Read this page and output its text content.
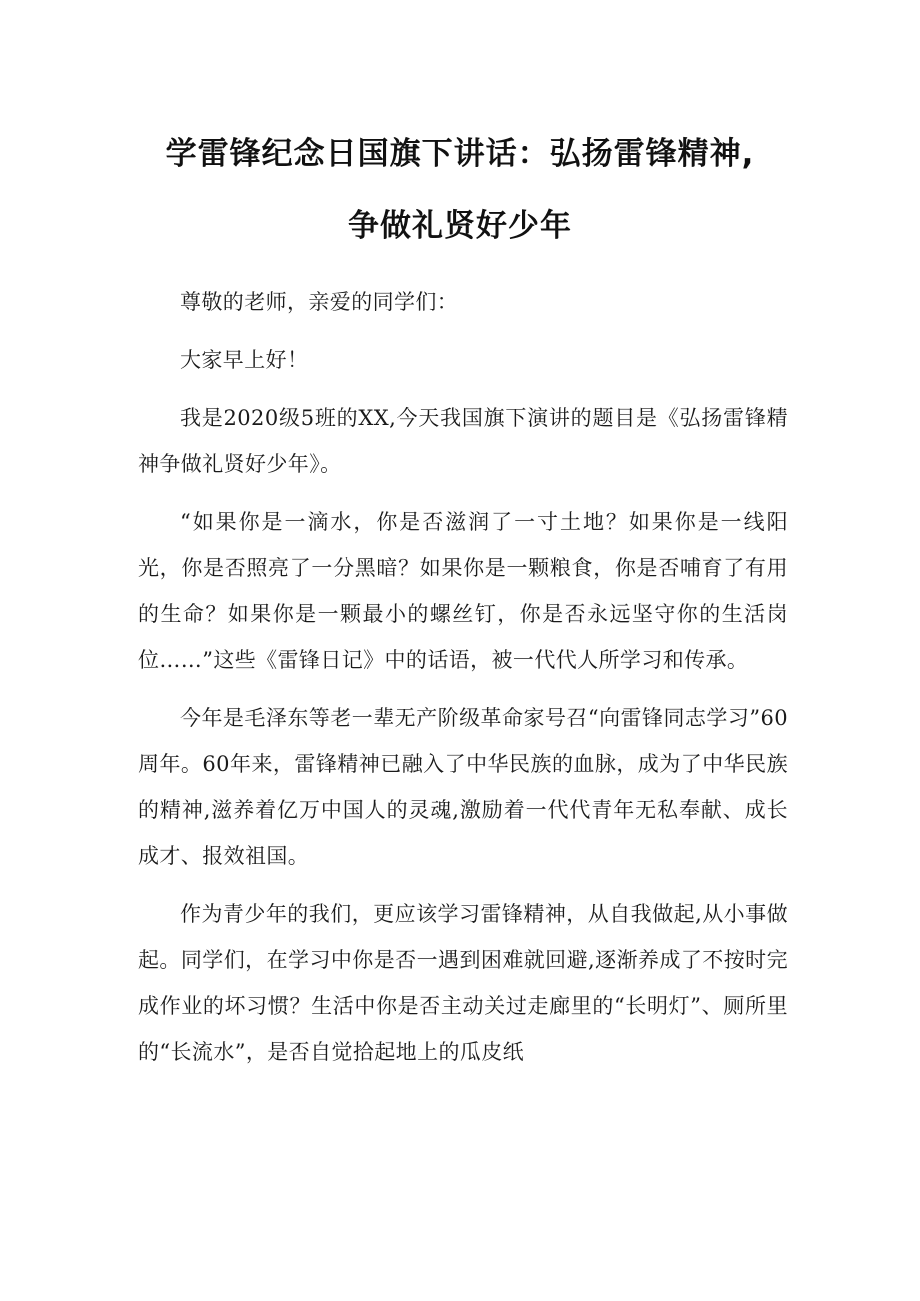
学雷锋纪念日国旗下讲话：弘扬雷锋精神,
争做礼贤好少年

尊敬的老师，亲爱的同学们：

大家早上好！

我是2020级5班的XX,今天我国旗下演讲的题目是《弘扬雷锋精神争做礼贤好少年》。

“如果你是一滴水，你是否滋润了一寸土地？如果你是一线阳光，你是否照亮了一分黑暗？如果你是一颗粮食，你是否哺育了有用的生命？如果你是一颗最小的螺丝钉，你是否永远坚守你的生活岗位……”这些《雷锋日记》中的话语，被一代代人所学习和传承。

今年是毛泽东等老一辈无产阶级革命家号召“向雷锋同志学习”60周年。60年来，雷锋精神已融入了中华民族的血脉，成为了中华民族的精神,滋养着亿万中国人的灵魂,激励着一代代青年无私奉献、成长成才、报效祖国。

作为青少年的我们，更应该学习雷锋精神，从自我做起,从小事做起。同学们，在学习中你是否一遇到困难就回避,逐渐养成了不按时完成作业的坏习惯？生活中你是否主动关过走廊里的“长明灯”、厕所里的“长流水”，是否自觉拾起地上的瓜皮纸
